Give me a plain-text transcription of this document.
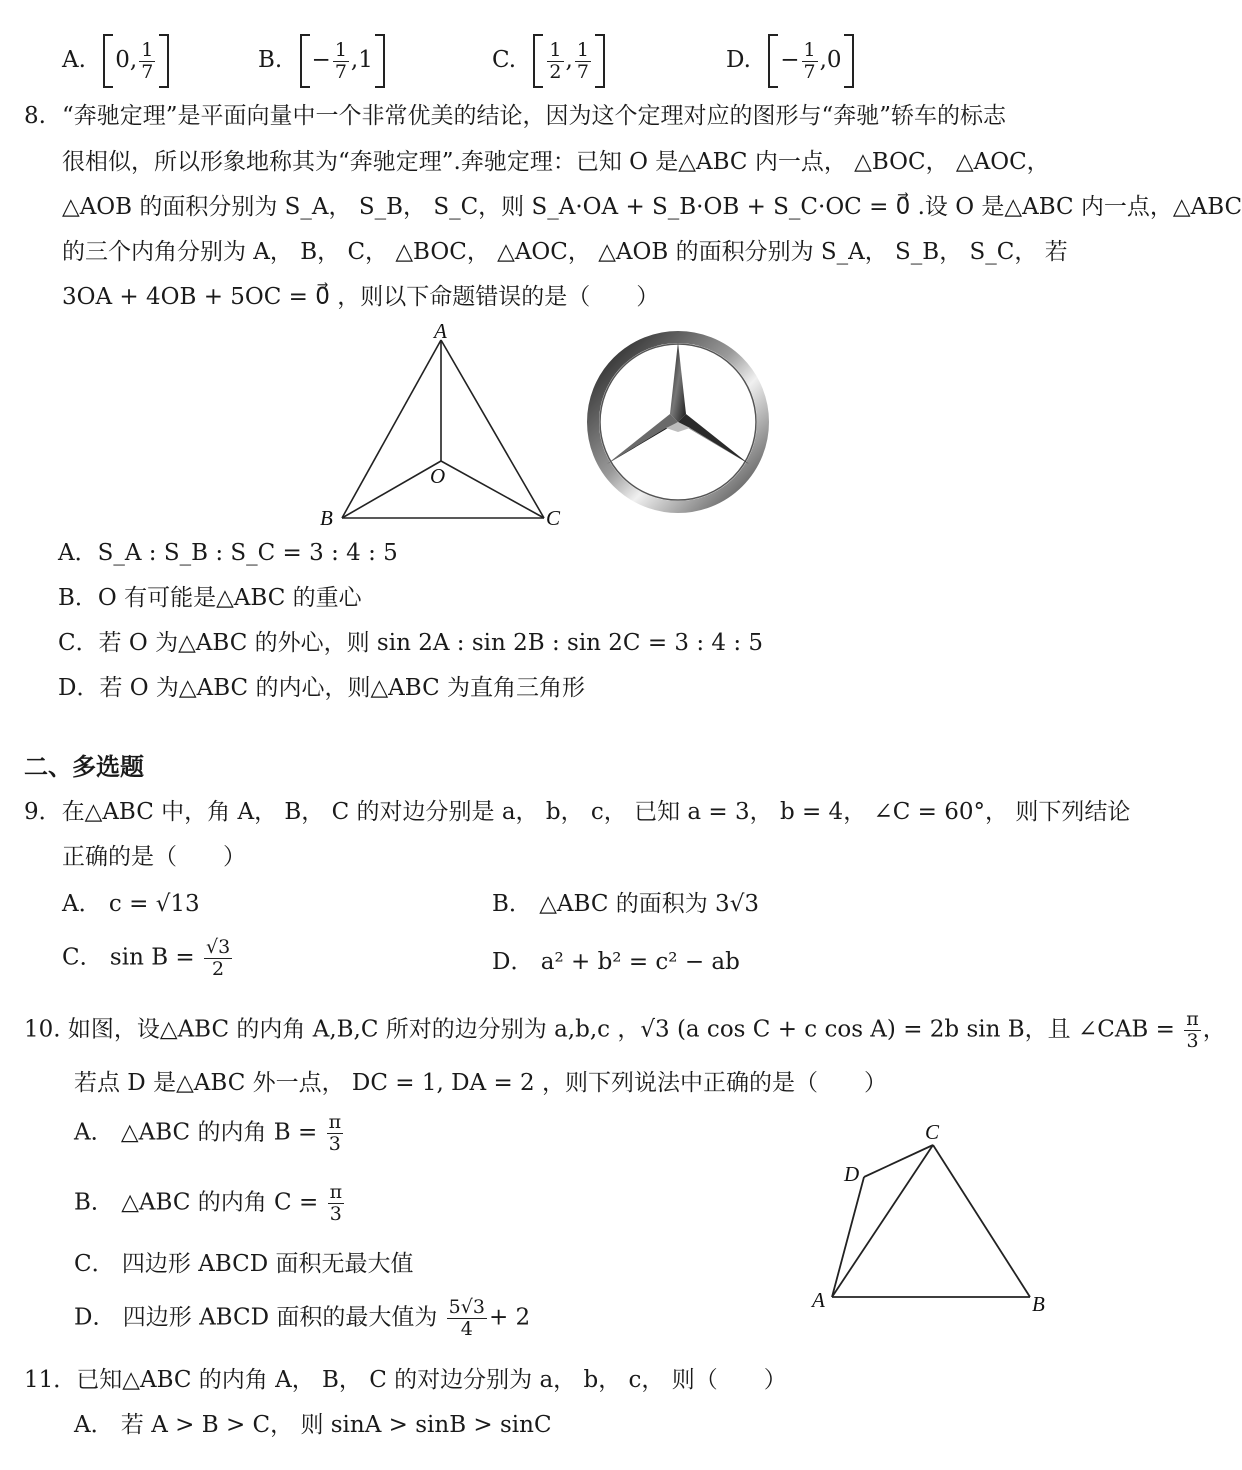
A. 0, $\frac{1}{7}$	B. − $\frac{1}{7} ,1$	C. $\frac{1}{2}$ , $\frac{1}{7}$	D. − $\frac{1}{7} ,0$
8. “奔驰定理”是平面向量中一个非常优美的结论，因为这个定理对应的图形与“奔驰”轿车的标志
很相似，所以形象地称其为“奔驰定理”.奔驰定理：已知 O 是△ABC 内一点， △BOC， △AOC，
△AOB 的面积分别为 S_A， S_B， S_C，则 S_A·OA + S_B·OB + S_C·OC = 0⃗ .设 O 是△ABC 内一点，△ABC
的三个内角分别为 A， B， C， △BOC， △AOC， △AOB 的面积分别为 S_A， S_B， S_C， 若
3OA + 4OB + 5OC = 0⃗ ，则以下命题错误的是（　　）
A
B	C
O
A．S_A : S_B : S_C = 3 : 4 : 5
B．O 有可能是△ABC 的重心
C．若 O 为△ABC 的外心，则 sin 2A : sin 2B : sin 2C = 3 : 4 : 5
D．若 O 为△ABC 的内心，则△ABC 为直角三角形
二、多选题
9．在△ABC 中，角 A， B， C 的对边分别是 a， b， c， 已知 a = 3， b = 4， ∠C = 60°， 则下列结论
正确的是（　　）
A． c = √13	B． △ABC 的面积为 3√3
C． $\sin B = \frac{√3}{2}$	D． a² + b² = c² − ab
10. 如图，设△ABC 的内角 A,B,C 所对的边分别为 a,b,c ，√3 (a cos C + c cos A) = 2b sin B，且 ∠CAB = $\frac{\pi}{3}$ ，
若点 D 是△ABC 外一点， DC = 1, DA = 2 ，则下列说法中正确的是（　　）
A． △ABC 的内角 $B = \frac{\pi}{3}$
B． △ABC 的内角 $C = \frac{\pi}{3}$
C． 四边形 ABCD 面积无最大值
D． 四边形 ABCD 面积的最大值为 $\frac{5√3}{4} + 2$
C
D
A	B
11．已知△ABC 的内角 A， B， C 的对边分别为 a， b， c， 则（　　）
A． 若 A > B > C， 则 sinA > sinB > sinC
